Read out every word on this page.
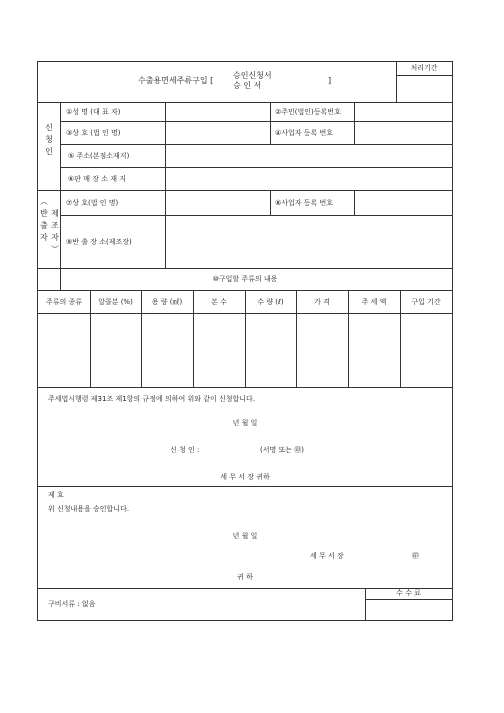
처리기간
수출용면세주류구입 [
승인신청서
승 인 서
]
신
청
인
①성 명 (대 표 자)	②주민(법인)등록번호
③상 호 (법 인 명)	④사업자 등록 번호
⑤ 주소(본점소재지)
⑥판 매 장 소 재 지
︵
반
출
자
제
조
자
︶
⑦상 호(법 인 명)	⑧사업자 등록 번호
⑨반 출 장 소(제조장)
⑩구입할 주류의 내용
주류의 종류	알콜분 (%)	용 량 (㎖)	본 수	수 량 (ℓ)	가 격	주 세 액	구입 기간
주세법시행령 제31조 제1항의 규정에 의하여 위와 같이 신청합니다.
년 월 일
신 청 인 :	(서명 또는 ㊞)
세 무 서 장 귀하
제 호
위 신청내용을 승인합니다.
년 월 일
세 무 서 장	㊞
귀 하
구비서류 : 없음
수 수 료
